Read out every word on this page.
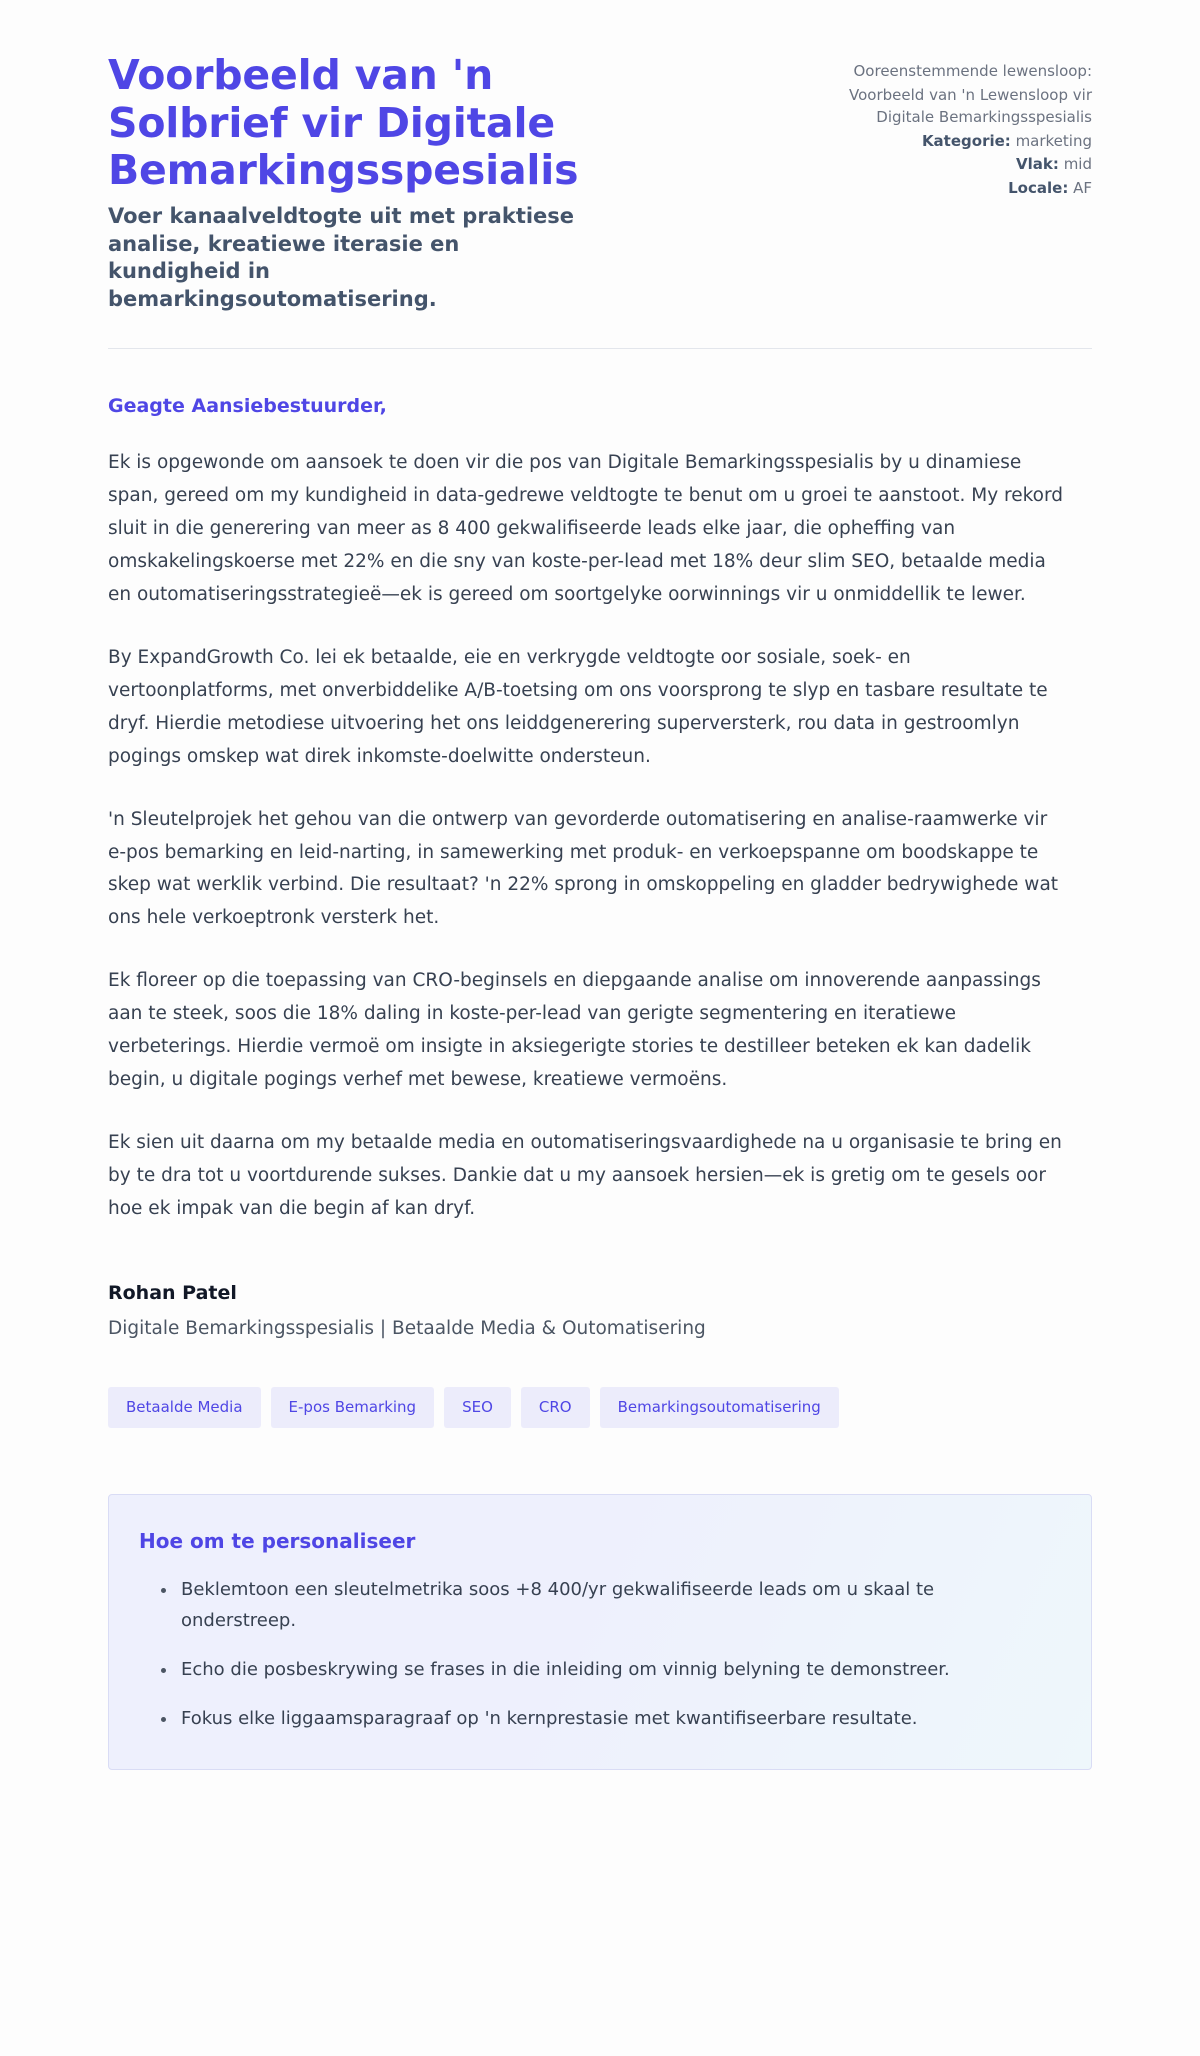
Voorbeeld van 'n Solbrief vir Digitale Bemarkingsspesialis

Voer kanaalveldtogte uit met praktiese analise, kreatiewe iterasie en kundigheid in bemarkingsoutomatisering.

Ooreenstemmende lewensloop:
Voorbeeld van 'n Lewensloop vir Digitale Bemarkingsspesialis
Kategorie: marketing
Vlak: mid
Locale: AF

Geagte Aansiebestuurder,

Ek is opgewonde om aansoek te doen vir die pos van Digitale Bemarkingsspesialis by u dinamiese span, gereed om my kundigheid in data-gedrewe veldtogte te benut om u groei te aanstoot. My rekord sluit in die generering van meer as 8 400 gekwalifiseerde leads elke jaar, die opheffing van omskakelingskoerse met 22% en die sny van koste-per-lead met 18% deur slim SEO, betaalde media en outomatiseringsstrategieë—ek is gereed om soortgelyke oorwinnings vir u onmiddellik te lewer.

By ExpandGrowth Co. lei ek betaalde, eie en verkrygde veldtogte oor sosiale, soek- en vertoonplatforms, met onverbiddelike A/B-toetsing om ons voorsprong te slyp en tasbare resultate te dryf. Hierdie metodiese uitvoering het ons leiddgenerering superversterk, rou data in gestroomlyn pogings omskep wat direk inkomste-doelwitte ondersteun.

'n Sleutelprojek het gehou van die ontwerp van gevorderde outomatisering en analise-raamwerke vir e-pos bemarking en leid-narting, in samewerking met produk- en verkoepspanne om boodskappe te skep wat werklik verbind. Die resultaat? 'n 22% sprong in omskoppeling en gladder bedrywighede wat ons hele verkoeptronk versterk het.

Ek floreer op die toepassing van CRO-beginsels en diepgaande analise om innoverende aanpassings aan te steek, soos die 18% daling in koste-per-lead van gerigte segmentering en iteratiewe verbeterings. Hierdie vermoë om insigte in aksiegerigte stories te destilleer beteken ek kan dadelik begin, u digitale pogings verhef met bewese, kreatiewe vermoëns.

Ek sien uit daarna om my betaalde media en outomatiseringsvaardighede na u organisasie te bring en by te dra tot u voortdurende sukses. Dankie dat u my aansoek hersien—ek is gretig om te gesels oor hoe ek impak van die begin af kan dryf.

Rohan Patel

Digitale Bemarkingsspesialis | Betaalde Media & Outomatisering

Betaalde Media	E-pos Bemarking	SEO	CRO	Bemarkingsoutomatisering
Hoe om te personaliseer
Beklemtoon een sleutelmetrika soos +8 400/yr gekwalifiseerde leads om u skaal te onderstreep.
Echo die posbeskrywing se frases in die inleiding om vinnig belyning te demonstreer.
Fokus elke liggaamsparagraaf op 'n kernprestasie met kwantifiseerbare resultate.
